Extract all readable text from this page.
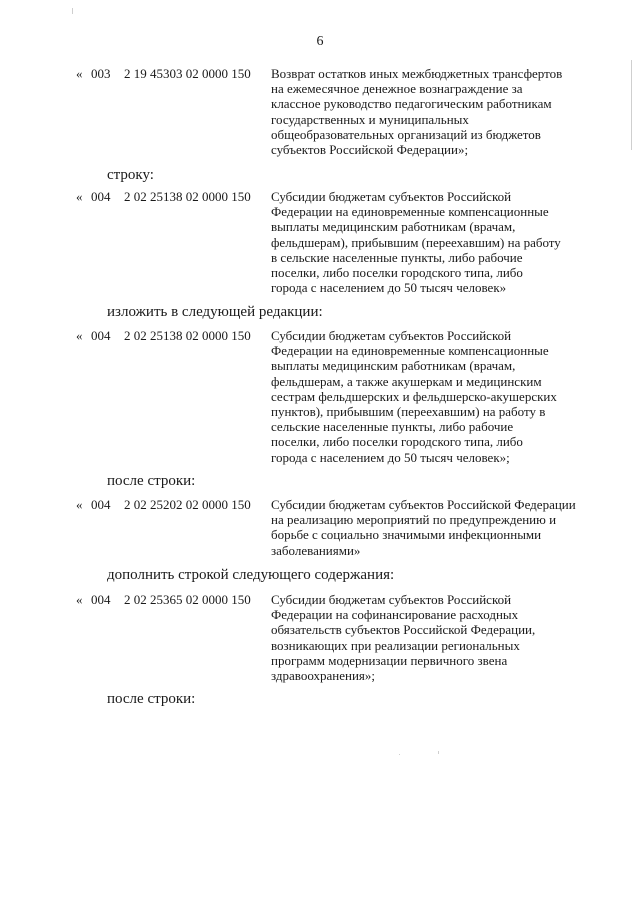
6
« 003 2 19 45303 02 0000 150 Возврат остатков иных межбюджетных трансфертов
на ежемесячное денежное вознаграждение за
классное руководство педагогическим работникам
государственных и муниципальных
общеобразовательных организаций из бюджетов
субъектов Российской Федерации»;
строку:
« 004 2 02 25138 02 0000 150 Субсидии бюджетам субъектов Российской
Федерации на единовременные компенсационные
выплаты медицинским работникам (врачам,
фельдшерам), прибывшим (переехавшим) на работу
в сельские населенные пункты, либо рабочие
поселки, либо поселки городского типа, либо
города с населением до 50 тысяч человек»
изложить в следующей редакции:
« 004 2 02 25138 02 0000 150 Субсидии бюджетам субъектов Российской
Федерации на единовременные компенсационные
выплаты медицинским работникам (врачам,
фельдшерам, а также акушеркам и медицинским
сестрам фельдшерских и фельдшерско-акушерских
пунктов), прибывшим (переехавшим) на работу в
сельские населенные пункты, либо рабочие
поселки, либо поселки городского типа, либо
города с населением до 50 тысяч человек»;
после строки:
« 004 2 02 25202 02 0000 150 Субсидии бюджетам субъектов Российской Федерации
на реализацию мероприятий по предупреждению и
борьбе с социально значимыми инфекционными
заболеваниями»
дополнить строкой следующего содержания:
« 004 2 02 25365 02 0000 150 Субсидии бюджетам субъектов Российской
Федерации на софинансирование расходных
обязательств субъектов Российской Федерации,
возникающих при реализации региональных
программ модернизации первичного звена
здравоохранения»;
после строки:
